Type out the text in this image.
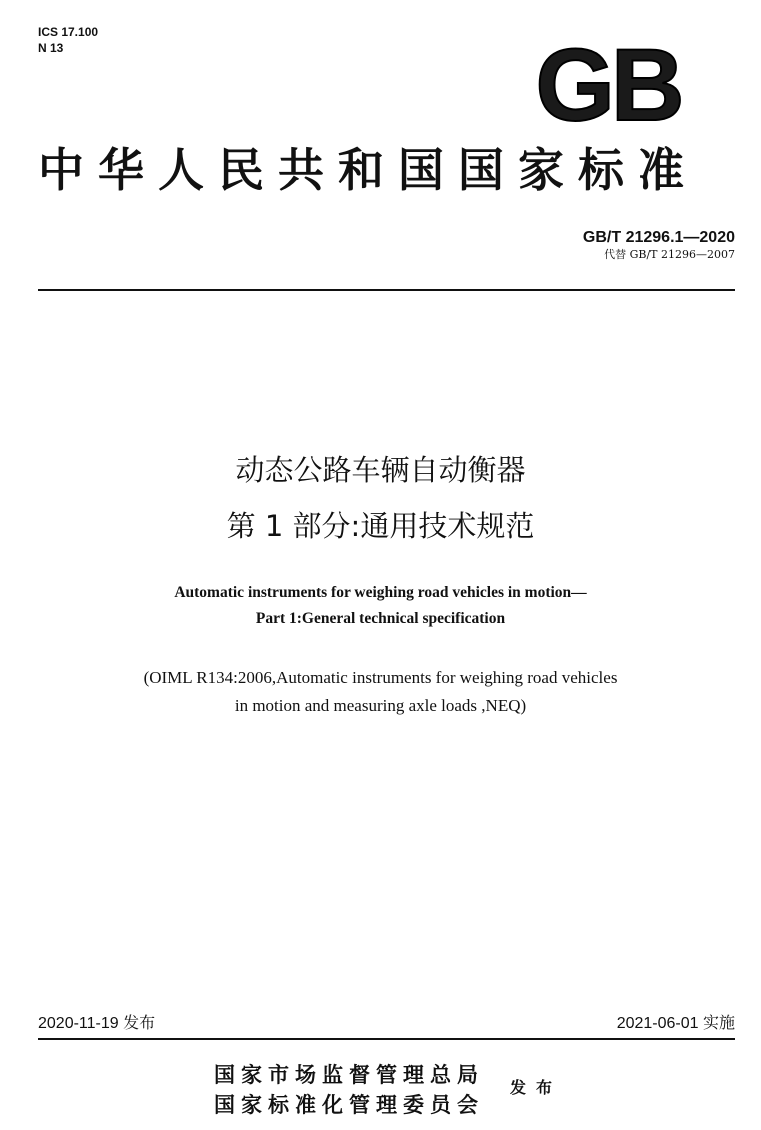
ICS 17.100
N 13	GB
中华人民共和国国家标准
GB/T 21296.1—2020
代替 GB/T 21296—2007
动态公路车辆自动衡器
第 1 部分:通用技术规范
Automatic instruments for weighing road vehicles in motion—
Part 1:General technical specification
(OIML R134:2006,Automatic instruments for weighing road vehicles
in motion and measuring axle loads ,NEQ)
2020-11-19 发布	2021-06-01 实施
国家市场监督管理总局
国家标准化管理委员会
发布
